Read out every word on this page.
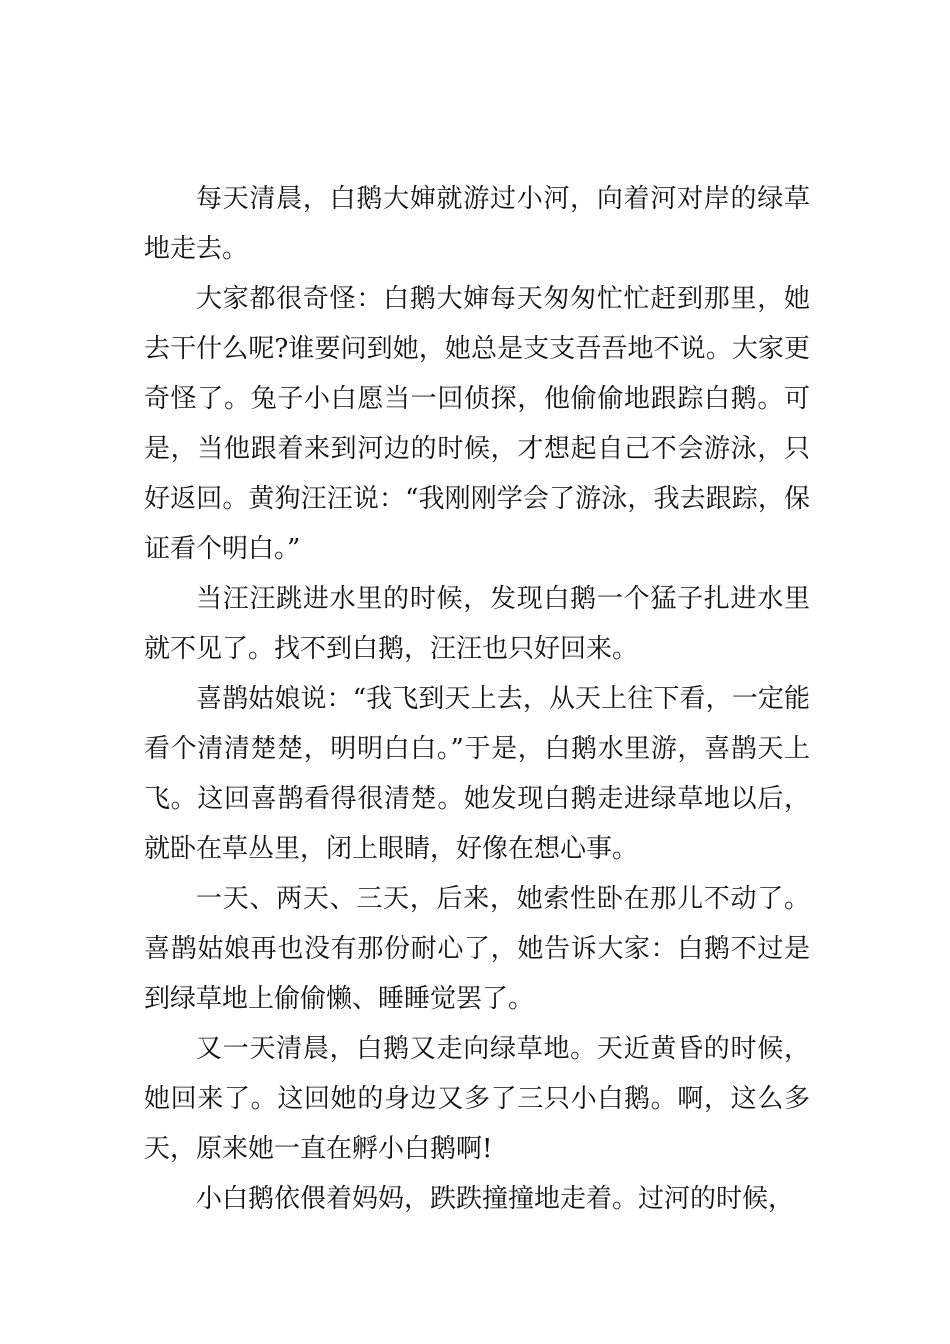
每天清晨，白鹅大婶就游过小河，向着河对岸的绿草地走去。

大家都很奇怪：白鹅大婶每天匆匆忙忙赶到那里，她去干什么呢?谁要问到她，她总是支支吾吾地不说。大家更奇怪了。兔子小白愿当一回侦探，他偷偷地跟踪白鹅。可是，当他跟着来到河边的时候，才想起自己不会游泳，只好返回。黄狗汪汪说：“我刚刚学会了游泳，我去跟踪，保证看个明白。”

当汪汪跳进水里的时候，发现白鹅一个猛子扎进水里就不见了。找不到白鹅，汪汪也只好回来。

喜鹊姑娘说：“我飞到天上去，从天上往下看，一定能看个清清楚楚，明明白白。”于是，白鹅水里游，喜鹊天上飞。这回喜鹊看得很清楚。她发现白鹅走进绿草地以后，就卧在草丛里，闭上眼睛，好像在想心事。

一天、两天、三天，后来，她索性卧在那儿不动了。喜鹊姑娘再也没有那份耐心了，她告诉大家：白鹅不过是到绿草地上偷偷懒、睡睡觉罢了。

又一天清晨，白鹅又走向绿草地。天近黄昏的时候，她回来了。这回她的身边又多了三只小白鹅。啊，这么多天，原来她一直在孵小白鹅啊!

小白鹅依偎着妈妈，跌跌撞撞地走着。过河的时候，
